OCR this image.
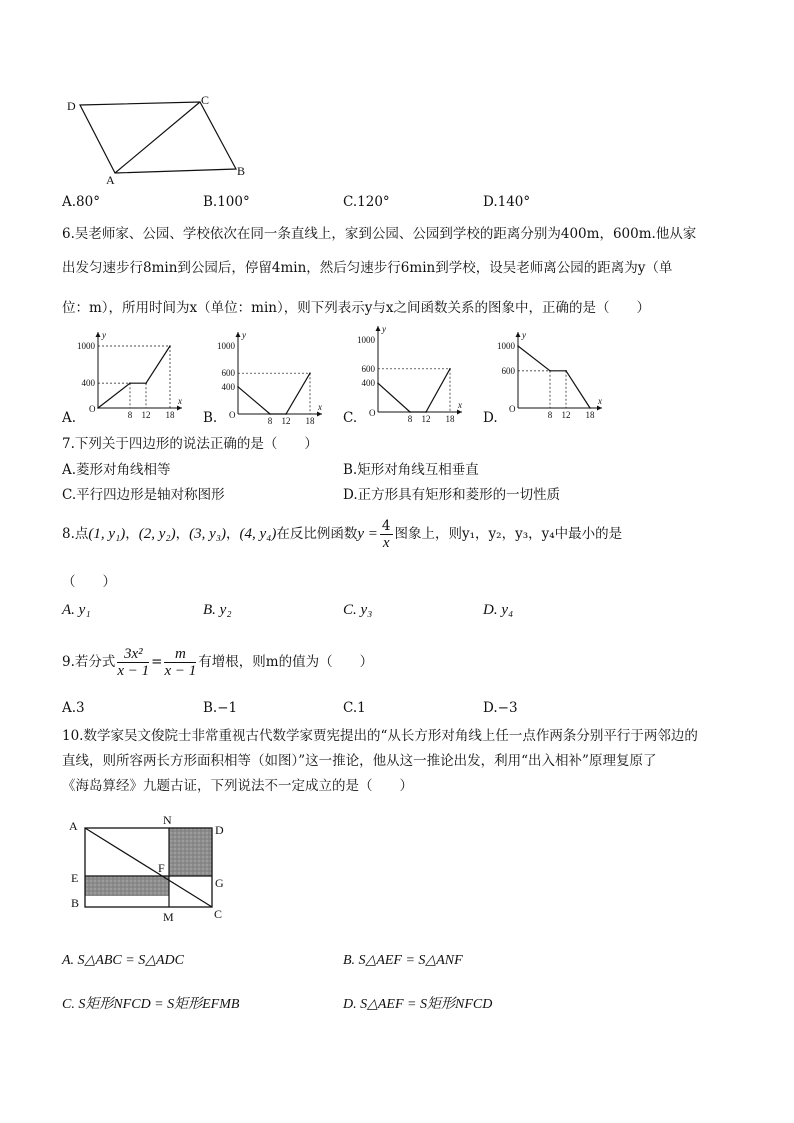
D	C
A
B
A.80°	B.100°	C.120°	D.140°
6.吴老师家、公园、学校依次在同一条直线上，家到公园、公园到学校的距离分别为400m，600m.他从家
出发匀速步行8min到公园后，停留4min，然后匀速步行6min到学校，设吴老师离公园的距离为y（单
位：m），所用时间为x（单位：min），则下列表示y与x之间函数关系的图象中，正确的是（　　）
A.	B.	C.	D.
x
y
O
400
1000
8 12 18
x
y
O
400
600
1000
8 12 18
x
y
O
400
600
1000
8 12 18
x
y
O
600
1000
8 12 18
7.下列关于四边形的说法正确的是（　　）
A.菱形对角线相等	B.矩形对角线互相垂直
C.平行四边形是轴对称图形	D.正方形具有矩形和菱形的一切性质
8.点(1, y₁)，(2, y₂)，(3, y₃)，(4, y₄)在反比例函数$y = \frac{4}{x}$ 图象上，则y₁，y₂，y₃，y₄中最小的是
（　　）
A. y₁	B. y₂	C. y₃	D. y₄
9.若分式 $\frac{\text{3x²}}{x - 1} = \frac{m}{x - 1}$ 有增根，则m的值为（　　）
A.3	B.−1	C.1	D.−3
10.数学家吴文俊院士非常重视古代数学家贾宪提出的“从长方形对角线上任一点作两条分别平行于两邻边的
直线，则所容两长方形面积相等（如图）”这一推论，他从这一推论出发，利用“出入相补”原理复原了
《海岛算经》九题古证，下列说法不一定成立的是（　　）
A	N
D
E
F
G
B
M	C
A. S△ABC = S△ADC	B. S△AEF = S△ANF
C. S矩形NFCD = S矩形EFMB	D. S△AEF = S矩形NFCD
